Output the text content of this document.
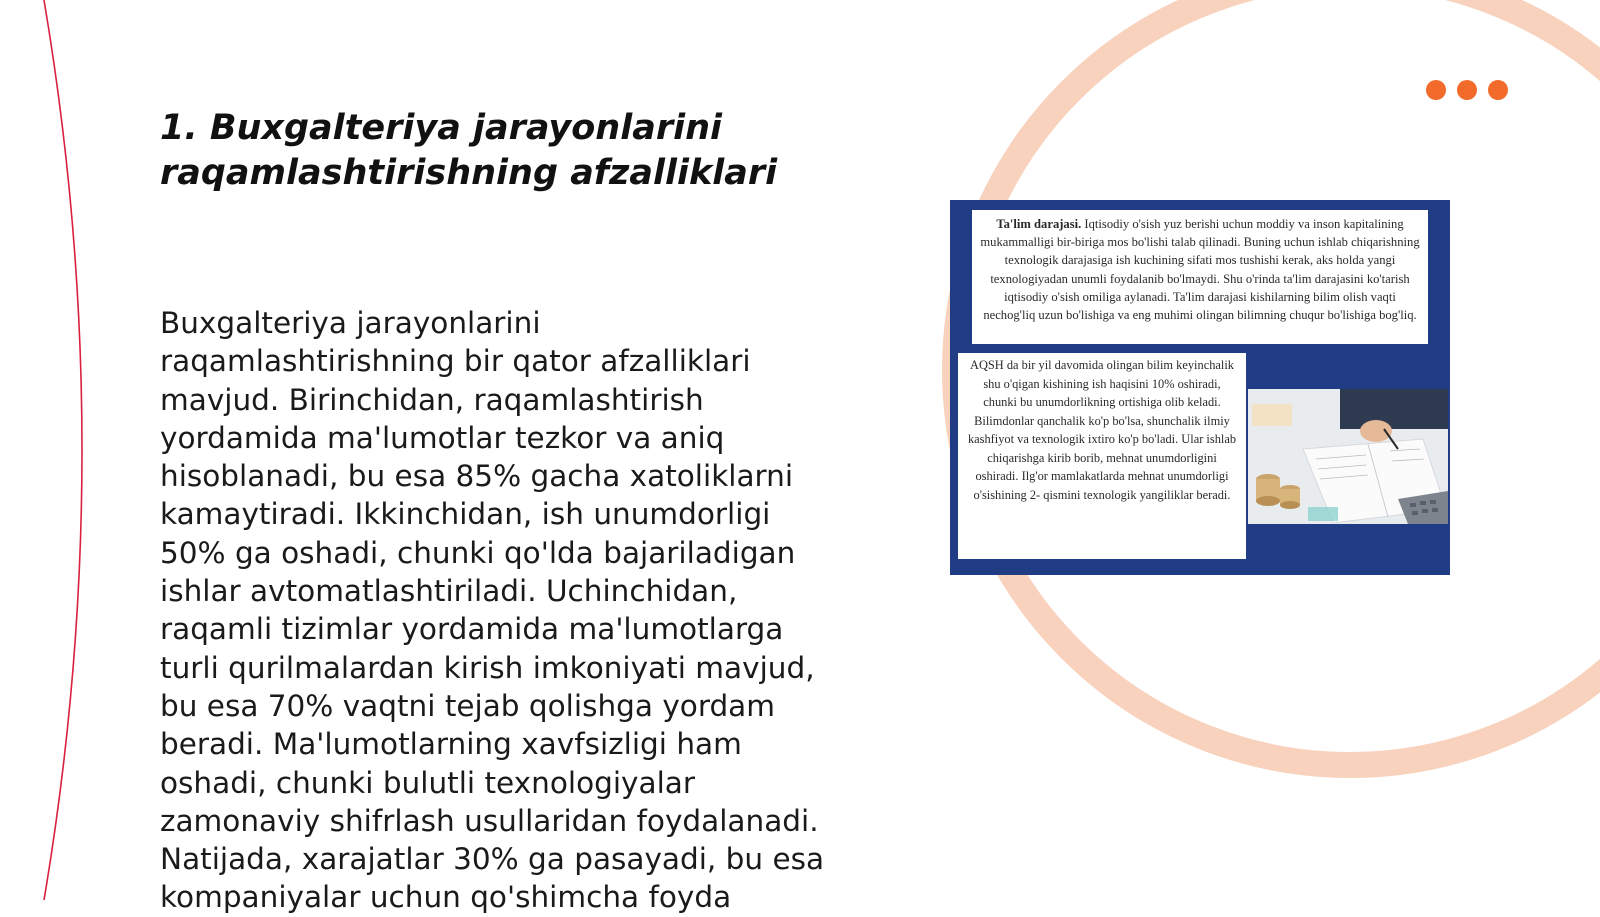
1. Buxgalteriya jarayonlarini raqamlashtirishning afzalliklari

Buxgalteriya jarayonlarini raqamlashtirishning bir qator afzalliklari mavjud. Birinchidan, raqamlashtirish yordamida ma'lumotlar tezkor va aniq hisoblanadi, bu esa 85% gacha xatoliklarni kamaytiradi. Ikkinchidan, ish unumdorligi 50% ga oshadi, chunki qo'lda bajariladigan ishlar avtomatlashtiriladi. Uchinchidan, raqamli tizimlar yordamida ma'lumotlarga turli qurilmalardan kirish imkoniyati mavjud, bu esa 70% vaqtni tejab qolishga yordam beradi. Ma'lumotlarning xavfsizligi ham oshadi, chunki bulutli texnologiyalar zamonaviy shifrlash usullaridan foydalanadi. Natijada, xarajatlar 30% ga pasayadi, bu esa kompaniyalar uchun qo'shimcha foyda

Ta'lim darajasi. Iqtisodiy o'sish yuz berishi uchun moddiy va inson kapitalining mukammalligi bir-biriga mos bo'lishi talab qilinadi. Buning uchun ishlab chiqarishning texnologik darajasiga ish kuchining sifati mos tushishi kerak, aks holda yangi texnologiyadan unumli foydalanib bo'lmaydi. Shu o'rinda ta'lim darajasini ko'tarish iqtisodiy o'sish omiliga aylanadi. Ta'lim darajasi kishilarning bilim olish vaqti nechog'liq uzun bo'lishiga va eng muhimi olingan bilimning chuqur bo'lishiga bog'liq.
AQSH da bir yil davomida olingan bilim keyinchalik shu o'qigan kishining ish haqisini 10% oshiradi, chunki bu unumdorlikning ortishiga olib keladi. Bilimdonlar qanchalik ko'p bo'lsa, shunchalik ilmiy kashfiyot va texnologik ixtiro ko'p bo'ladi. Ular ishlab chiqarishga kirib borib, mehnat unumdorligini oshiradi. Ilg'or mamlakatlarda mehnat unumdorligi o'sishining 2- qismini texnologik yangiliklar beradi.
